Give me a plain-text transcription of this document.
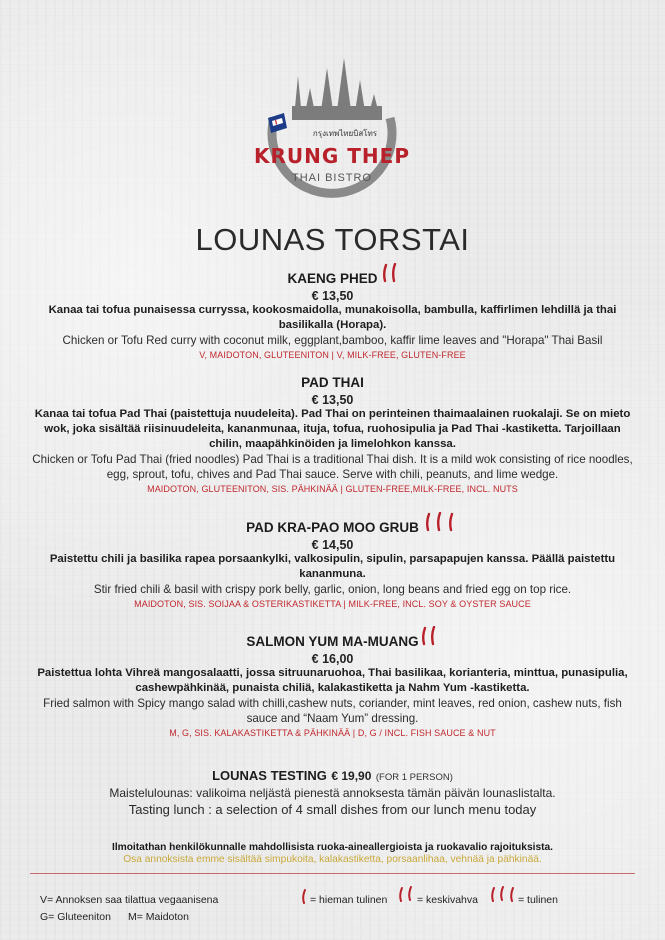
กรุงเทพไทยบิสโทร
KRUNG THEP
THAI BISTRO
LOUNAS TORSTAI
KAENG PHED
€ 13,50
Kanaa tai tofua punaisessa curryssa, kookosmaidolla, munakoisolla, bambulla, kaffirlimen lehdillä ja thai basilikalla (Horapa).
Chicken or Tofu Red curry with coconut milk, eggplant,bamboo, kaffir lime leaves and "Horapa" Thai Basil
V, MAIDOTON, GLUTEENITON | V, MILK-FREE, GLUTEN-FREE
PAD THAI
€ 13,50
Kanaa tai tofua Pad Thai (paistettuja nuudeleita). Pad Thai on perinteinen thaimaalainen ruokalaji. Se on mieto wok, joka sisältää riisinuudeleita, kananmunaa, ituja, tofua, ruohosipulia ja Pad Thai -kastiketta. Tarjoillaan chilin, maapähkinöiden ja limelohkon kanssa.
Chicken or Tofu Pad Thai (fried noodles) Pad Thai is a traditional Thai dish. It is a mild wok consisting of rice noodles, egg, sprout, tofu, chives and Pad Thai sauce. Serve with chili, peanuts, and lime wedge.
MAIDOTON, GLUTEENITON, SIS. PÄHKINÄÄ | GLUTEN-FREE,MILK-FREE, INCL. NUTS
PAD KRA-PAO MOO GRUB
€ 14,50
Paistettu chili ja basilika rapea porsaankylki, valkosipulin, sipulin, parsapapujen kanssa. Päällä paistettu kananmuna.
Stir fried chili & basil with crispy pork belly, garlic, onion, long beans and fried egg on top rice.
MAIDOTON, SIS. SOIJAA & OSTERIKASTIKETTA | MILK-FREE, INCL. SOY & OYSTER SAUCE
SALMON YUM MA-MUANG
€ 16,00
Paistettua lohta Vihreä mangosalaatti, jossa sitruunaruohoa, Thai basilikaa, korianteria, minttua, punasipulia, cashewpähkinää, punaista chiliä, kalakastiketta ja Nahm Yum -kastiketta.
Fried salmon with Spicy mango salad with chilli,cashew nuts, coriander, mint leaves, red onion, cashew nuts, fish sauce and “Naam Yum” dressing.
M, G, SIS. KALAKASTIKETTA & PÄHKINÄÄ | D, G / INCL. FISH SAUCE & NUT
LOUNAS TESTING € 19,90 (FOR 1 PERSON)
Maistelulounas: valikoima neljästä pienestä annoksesta tämän päivän lounaslistalta.
Tasting lunch : a selection of 4 small dishes from our lunch menu today
Ilmoitathan henkilökunnalle mahdollisista ruoka-aineallergioista ja ruokavalio rajoituksista.
Osa annoksista emme sisältää simpukoita, kalakastiketta, porsaanlihaa, vehnää ja pähkinää.
V= Annoksen saa tilattua vegaanisena
G= Gluteeniton M= Maidoton
= hieman tulinen	= keskivahva	= tulinen
